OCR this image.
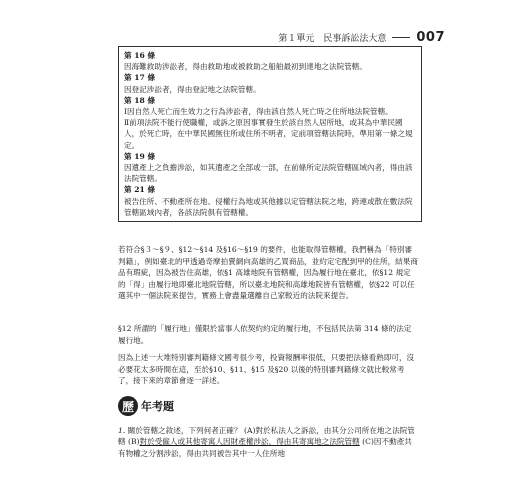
第１單元　民事訴訟法大意 007
第 16 條

因海難救助涉訟者，得由救助地或被救助之船舶最初到達地之法院管轄。

第 17 條

因登記涉訟者，得由登記地之法院管轄。

第 18 條

Ⅰ因自然人死亡而生效力之行為涉訟者，得由該自然人死亡時之住所地法院管轄。

Ⅱ前項法院不能行使職權，或訴之原因事實發生於該自然人居所地，或其為中華民國人，於死亡時，在中華民國無住所或住所不明者，定前項管轄法院時，準用第一條之規定。

第 19 條

因遺產上之負擔涉訟，如其遺產之全部或一部，在前條所定法院管轄區域內者，得由該法院管轄。

第 21 條

被告住所、不動產所在地、侵權行為地或其他據以定管轄法院之地，跨連或散在數法院管轄區域內者，各該法院俱有管轄權。

若符合§３～§９、§12～§14 及§16～§19 的要件，也能取得管轄權，我們稱為「特別審判籍」，例如臺北的甲透過奇摩拍賣網向高雄的乙買商品，並約定宅配到甲的住所，結果商品有瑕疵，因為被告住高雄，依§1 高雄地院有管轄權，因為履行地在臺北，依§12 規定的「得」由履行地即臺北地院管轄，所以臺北地院和高雄地院皆有管轄權，依§22 可以任選其中一個法院來提告，實務上會盡量選離自己家較近的法院來提告。

§12 所謂的「履行地」僅限於當事人依契約約定的履行地，不包括民法第 314 條的法定履行地。

因為上述一大堆特別審判籍條文國考很少考，投資報酬率很低，只要把法條看熟即可，沒必要花太多時間在這，至於§10、§11、§15 及§20 以後的特別審判籍條文就比較常考了，接下來的章節會逐一詳述。

歷 年考題
1. 關於管轄之敘述，下列何者正確？ (A)對於私法人之訴訟，由其分公司所在地之法院管轄 (B)對於受僱人或其他寄寓人因財產權涉訟，得由其寄寓地之法院管轄 (C)因不動產共有物權之分割涉訟，得由共同被告其中一人住所地
